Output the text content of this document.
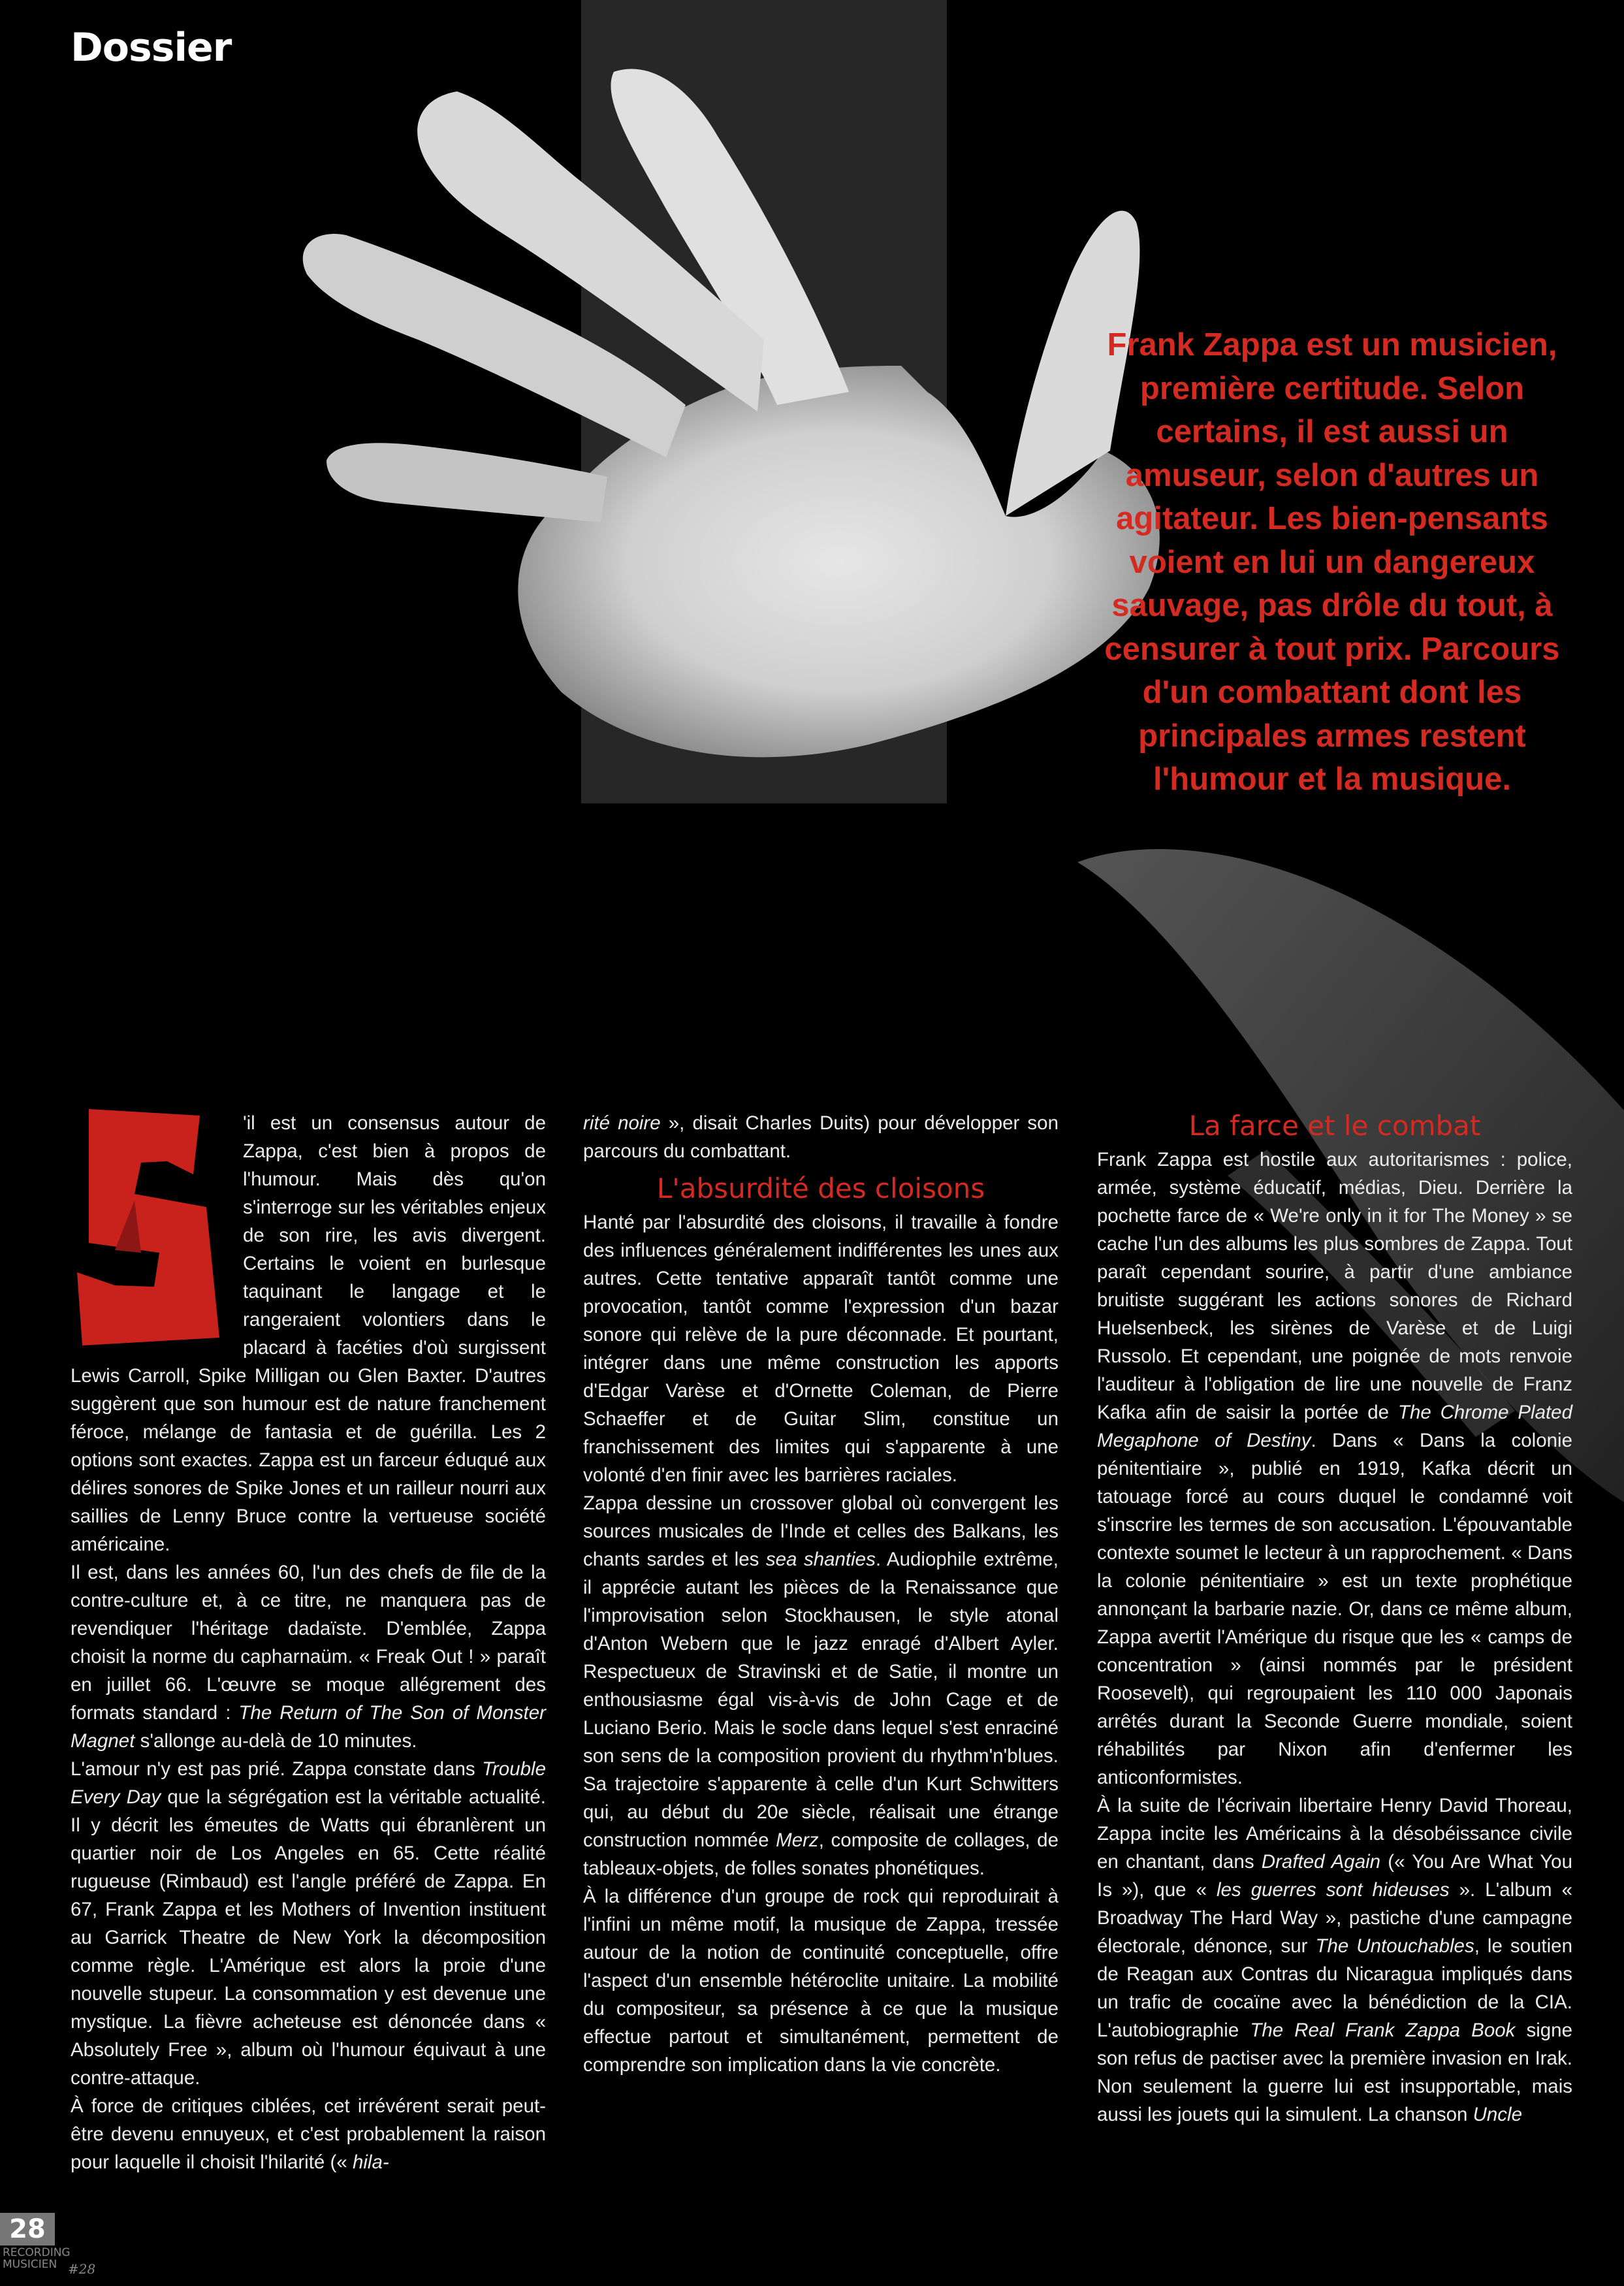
Dossier
Frank Zappa est un musicien, première certitude. Selon certains, il est aussi un amuseur, selon d'autres un agitateur. Les bien-pensants voient en lui un dangereux sauvage, pas drôle du tout, à censurer à tout prix. Parcours d'un combattant dont les principales armes restent l'humour et la musique.

'il est un consensus autour de Zappa, c'est bien à propos de l'humour. Mais dès qu'on s'interroge sur les véritables enjeux de son rire, les avis divergent. Certains le voient en burlesque taquinant le langage et le rangeraient volontiers dans le placard à facéties d'où surgissent Lewis Carroll, Spike Milligan ou Glen Baxter. D'autres suggèrent que son humour est de nature franchement féroce, mélange de fantasia et de guérilla. Les 2 options sont exactes. Zappa est un farceur éduqué aux délires sonores de Spike Jones et un railleur nourri aux saillies de Lenny Bruce contre la vertueuse société américaine.

Il est, dans les années 60, l'un des chefs de file de la contre-culture et, à ce titre, ne manquera pas de revendiquer l'héritage dadaïste. D'emblée, Zappa choisit la norme du capharnaüm. « Freak Out ! » paraît en juillet 66. L'œuvre se moque allégrement des formats standard : The Return of The Son of Monster Magnet s'allonge au-delà de 10 minutes.

L'amour n'y est pas prié. Zappa constate dans Trouble Every Day que la ségrégation est la véritable actualité. Il y décrit les émeutes de Watts qui ébranlèrent un quartier noir de Los Angeles en 65. Cette réalité rugueuse (Rimbaud) est l'angle préféré de Zappa. En 67, Frank Zappa et les Mothers of Invention instituent au Garrick Theatre de New York la décomposition comme règle. L'Amérique est alors la proie d'une nouvelle stupeur. La consommation y est devenue une mystique. La fièvre acheteuse est dénoncée dans « Absolutely Free », album où l'humour équivaut à une contre-attaque.

À force de critiques ciblées, cet irrévérent serait peut-être devenu ennuyeux, et c'est probablement la raison pour laquelle il choisit l'hilarité (« hila-

rité noire », disait Charles Duits) pour développer son parcours du combattant.

L'absurdité des cloisons

Hanté par l'absurdité des cloisons, il travaille à fondre des influences généralement indifférentes les unes aux autres. Cette tentative apparaît tantôt comme une provocation, tantôt comme l'expression d'un bazar sonore qui relève de la pure déconnade. Et pourtant, intégrer dans une même construction les apports d'Edgar Varèse et d'Ornette Coleman, de Pierre Schaeffer et de Guitar Slim, constitue un franchissement des limites qui s'apparente à une volonté d'en finir avec les barrières raciales.

Zappa dessine un crossover global où convergent les sources musicales de l'Inde et celles des Balkans, les chants sardes et les sea shanties. Audiophile extrême, il apprécie autant les pièces de la Renaissance que l'improvisation selon Stockhausen, le style atonal d'Anton Webern que le jazz enragé d'Albert Ayler. Respectueux de Stravinski et de Satie, il montre un enthousiasme égal vis-à-vis de John Cage et de Luciano Berio. Mais le socle dans lequel s'est enraciné son sens de la composition provient du rhythm'n'blues. Sa trajectoire s'apparente à celle d'un Kurt Schwitters qui, au début du 20e siècle, réalisait une étrange construction nommée Merz, composite de collages, de tableaux-objets, de folles sonates phonétiques.

À la différence d'un groupe de rock qui reproduirait à l'infini un même motif, la musique de Zappa, tressée autour de la notion de continuité conceptuelle, offre l'aspect d'un ensemble hétéroclite unitaire. La mobilité du compositeur, sa présence à ce que la musique effectue partout et simultanément, permettent de comprendre son implication dans la vie concrète.

La farce et le combat

Frank Zappa est hostile aux autoritarismes : police, armée, système éducatif, médias, Dieu. Derrière la pochette farce de « We're only in it for The Money » se cache l'un des albums les plus sombres de Zappa. Tout paraît cependant sourire, à partir d'une ambiance bruitiste suggérant les actions sonores de Richard Huelsenbeck, les sirènes de Varèse et de Luigi Russolo. Et cependant, une poignée de mots renvoie l'auditeur à l'obligation de lire une nouvelle de Franz Kafka afin de saisir la portée de The Chrome Plated Megaphone of Destiny. Dans « Dans la colonie pénitentiaire », publié en 1919, Kafka décrit un tatouage forcé au cours duquel le condamné voit s'inscrire les termes de son accusation. L'épouvantable contexte soumet le lecteur à un rapprochement. « Dans la colonie pénitentiaire » est un texte prophétique annonçant la barbarie nazie. Or, dans ce même album, Zappa avertit l'Amérique du risque que les « camps de concentration » (ainsi nommés par le président Roosevelt), qui regroupaient les 110 000 Japonais arrêtés durant la Seconde Guerre mondiale, soient réhabilités par Nixon afin d'enfermer les anticonformistes.

À la suite de l'écrivain libertaire Henry David Thoreau, Zappa incite les Américains à la désobéissance civile en chantant, dans Drafted Again (« You Are What You Is »), que « les guerres sont hideuses ». L'album « Broadway The Hard Way », pastiche d'une campagne électorale, dénonce, sur The Untouchables, le soutien de Reagan aux Contras du Nicaragua impliqués dans un trafic de cocaïne avec la bénédiction de la CIA. L'autobiographie The Real Frank Zappa Book signe son refus de pactiser avec la première invasion en Irak. Non seulement la guerre lui est insupportable, mais aussi les jouets qui la simulent. La chanson Uncle

28
RECORDING
MUSICIEN #28
